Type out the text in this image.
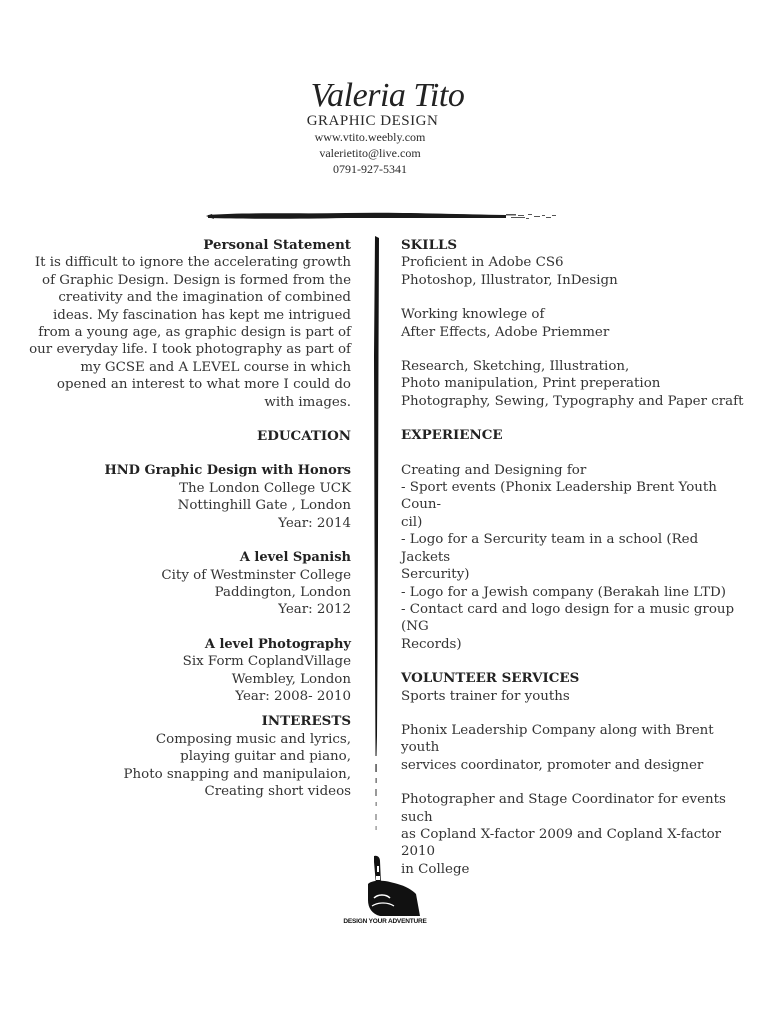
Valeria Tito
GRAPHIC DESIGN
www.vtito.weebly.com
valerietito@live.com
0791-927-5341
Personal Statement
It is difficult to ignore the accelerating growth
of Graphic Design. Design is formed from the
creativity and the imagination of combined
ideas. My fascination has kept me intrigued
from a young age, as graphic design is part of
our everyday life. I took photography as part of
my GCSE and A LEVEL course in which
opened an interest to what more I could do
with images.
EDUCATION
HND Graphic Design with Honors
The London College UCK
Nottinghill Gate , London
Year: 2014
A level Spanish
City of Westminster College
Paddington, London
Year: 2012
A level Photography
Six Form CoplandVillage
Wembley, London
Year: 2008- 2010
INTERESTS
Composing music and lyrics,
playing guitar and piano,
Photo snapping and manipulaion,
Creating short videos
SKILLS
Proficient in Adobe CS6
Photoshop, Illustrator, InDesign
Working knowlege of
After Effects, Adobe Priemmer
Research, Sketching, Illustration,
Photo manipulation, Print preperation
Photography, Sewing, Typography and Paper craft
EXPERIENCE
Creating and Designing for
- Sport events (Phonix Leadership Brent Youth Coun-
cil)
- Logo for a Sercurity team in a school (Red Jackets
Sercurity)
- Logo for a Jewish company (Berakah line LTD)
- Contact card and logo design for a music group (NG
Records)
VOLUNTEER SERVICES
Sports trainer for youths
Phonix Leadership Company along with Brent youth
services coordinator, promoter and designer
Photographer and Stage Coordinator for events such
as Copland X-factor 2009 and Copland X-factor 2010
in College
DESIGN YOUR ADVENTURE
